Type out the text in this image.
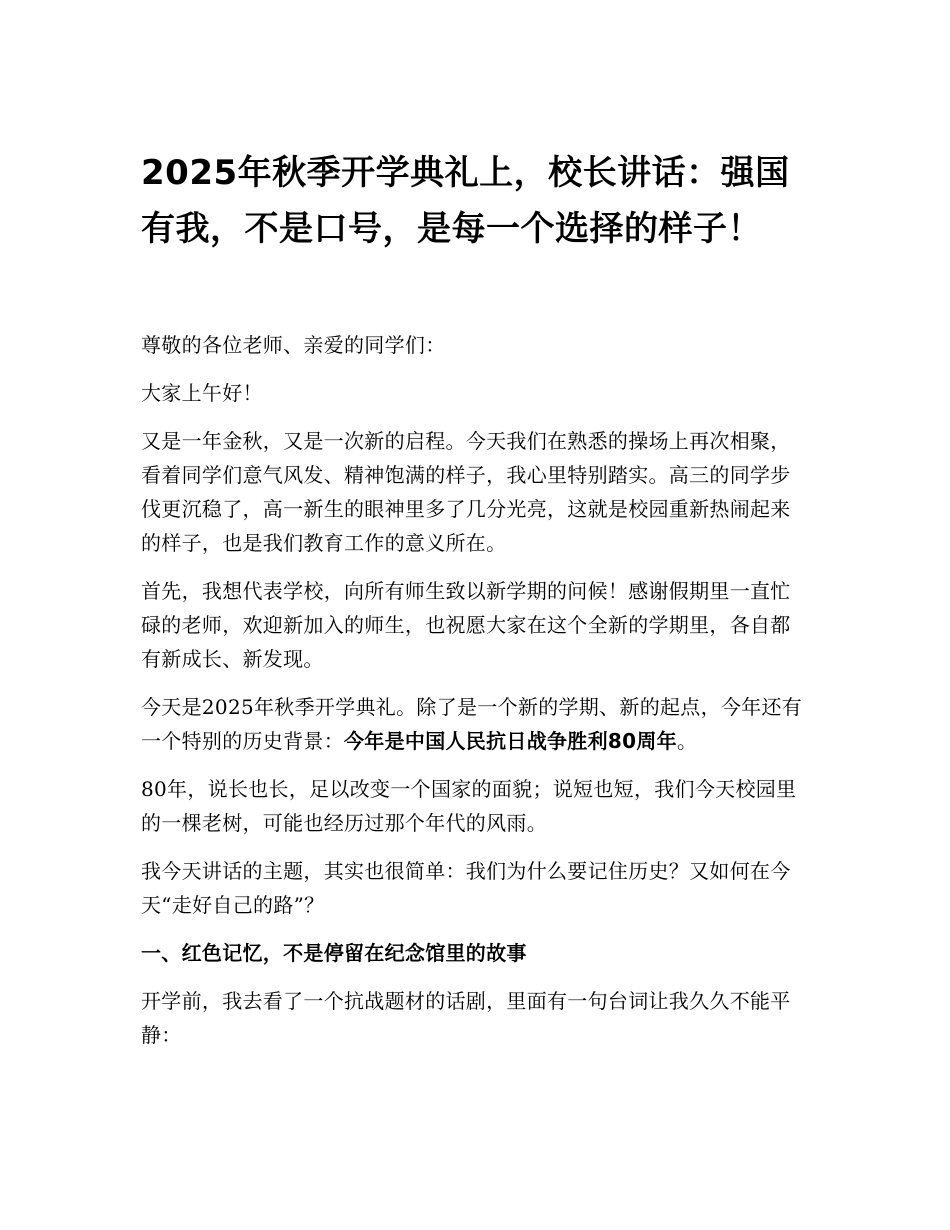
2025年秋季开学典礼上，校长讲话：强国有我，不是口号，是每一个选择的样子！

尊敬的各位老师、亲爱的同学们：

大家上午好！

又是一年金秋，又是一次新的启程。今天我们在熟悉的操场上再次相聚，看着同学们意气风发、精神饱满的样子，我心里特别踏实。高三的同学步伐更沉稳了，高一新生的眼神里多了几分光亮，这就是校园重新热闹起来的样子，也是我们教育工作的意义所在。

首先，我想代表学校，向所有师生致以新学期的问候！感谢假期里一直忙碌的老师，欢迎新加入的师生，也祝愿大家在这个全新的学期里，各自都有新成长、新发现。

今天是2025年秋季开学典礼。除了是一个新的学期、新的起点，今年还有一个特别的历史背景：今年是中国人民抗日战争胜利80周年。

80年，说长也长，足以改变一个国家的面貌；说短也短，我们今天校园里的一棵老树，可能也经历过那个年代的风雨。

我今天讲话的主题，其实也很简单：我们为什么要记住历史？又如何在今天“走好自己的路”？

一、红色记忆，不是停留在纪念馆里的故事

开学前，我去看了一个抗战题材的话剧，里面有一句台词让我久久不能平静：
